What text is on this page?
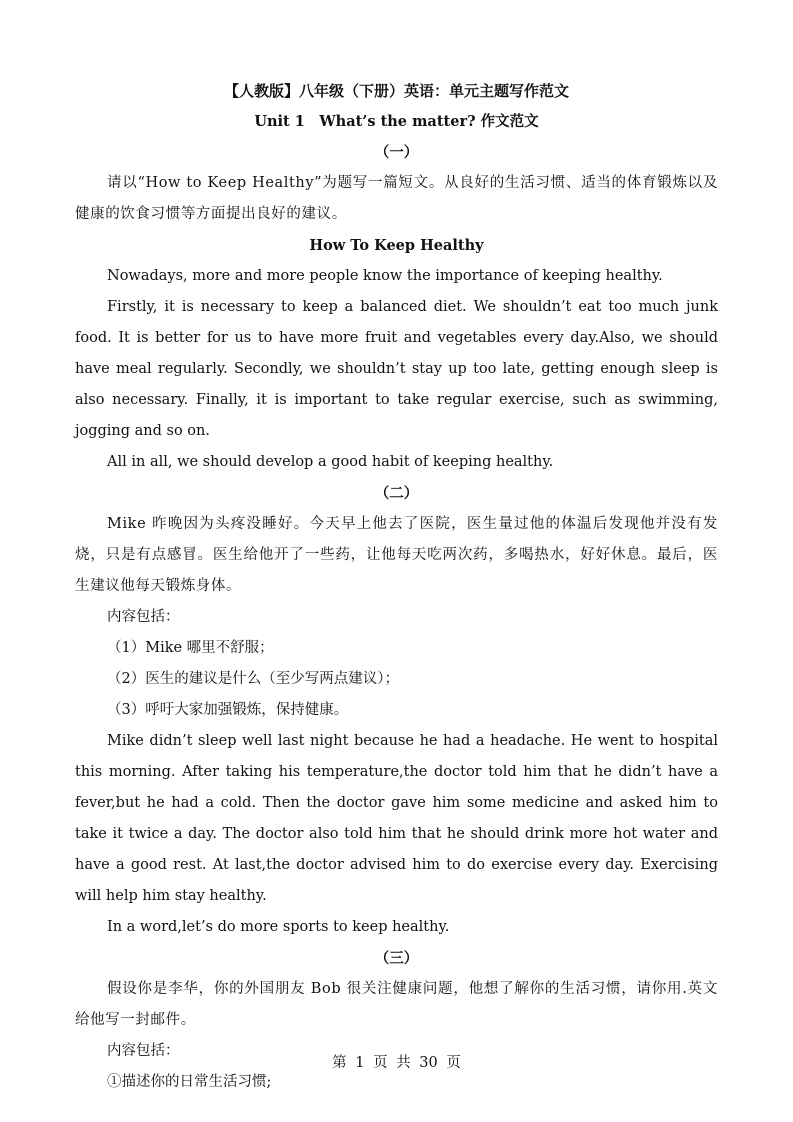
【人教版】八年级（下册）英语：单元主题写作范文

Unit 1　What’s the matter? 作文范文

（一）

请以“How to Keep Healthy”为题写一篇短文。从良好的生活习惯、适当的体育锻炼以及健康的饮食习惯等方面提出良好的建议。

How To Keep Healthy

Nowadays, more and more people know the importance of keeping healthy.

Firstly, it is necessary to keep a balanced diet. We shouldn’t eat too much junk food. It is better for us to have more fruit and vegetables every day.Also, we should have meal regularly. Secondly, we shouldn’t stay up too late, getting enough sleep is also necessary. Finally, it is important to take regular exercise, such as swimming, jogging and so on.

All in all, we should develop a good habit of keeping healthy.

（二）

Mike 昨晚因为头疼没睡好。今天早上他去了医院，医生量过他的体温后发现他并没有发烧，只是有点感冒。医生给他开了一些药，让他每天吃两次药，多喝热水，好好休息。最后，医生建议他每天锻炼身体。

内容包括：

（1）Mike 哪里不舒服；

（2）医生的建议是什么（至少写两点建议）；

（3）呼吁大家加强锻炼，保持健康。

Mike didn’t sleep well last night because he had a headache. He went to hospital this morning. After taking his temperature,the doctor told him that he didn’t have a fever,but he had a cold. Then the doctor gave him some medicine and asked him to take it twice a day. The doctor also told him that he should drink more hot water and have a good rest. At last,the doctor advised him to do exercise every day. Exercising will help him stay healthy.

In a word,let’s do more sports to keep healthy.

（三）

假设你是李华，你的外国朋友 Bob 很关注健康问题，他想了解你的生活习惯，请你用.英文给他写一封邮件。

内容包括：

①描述你的日常生活习惯;

第 1 页 共 30 页
